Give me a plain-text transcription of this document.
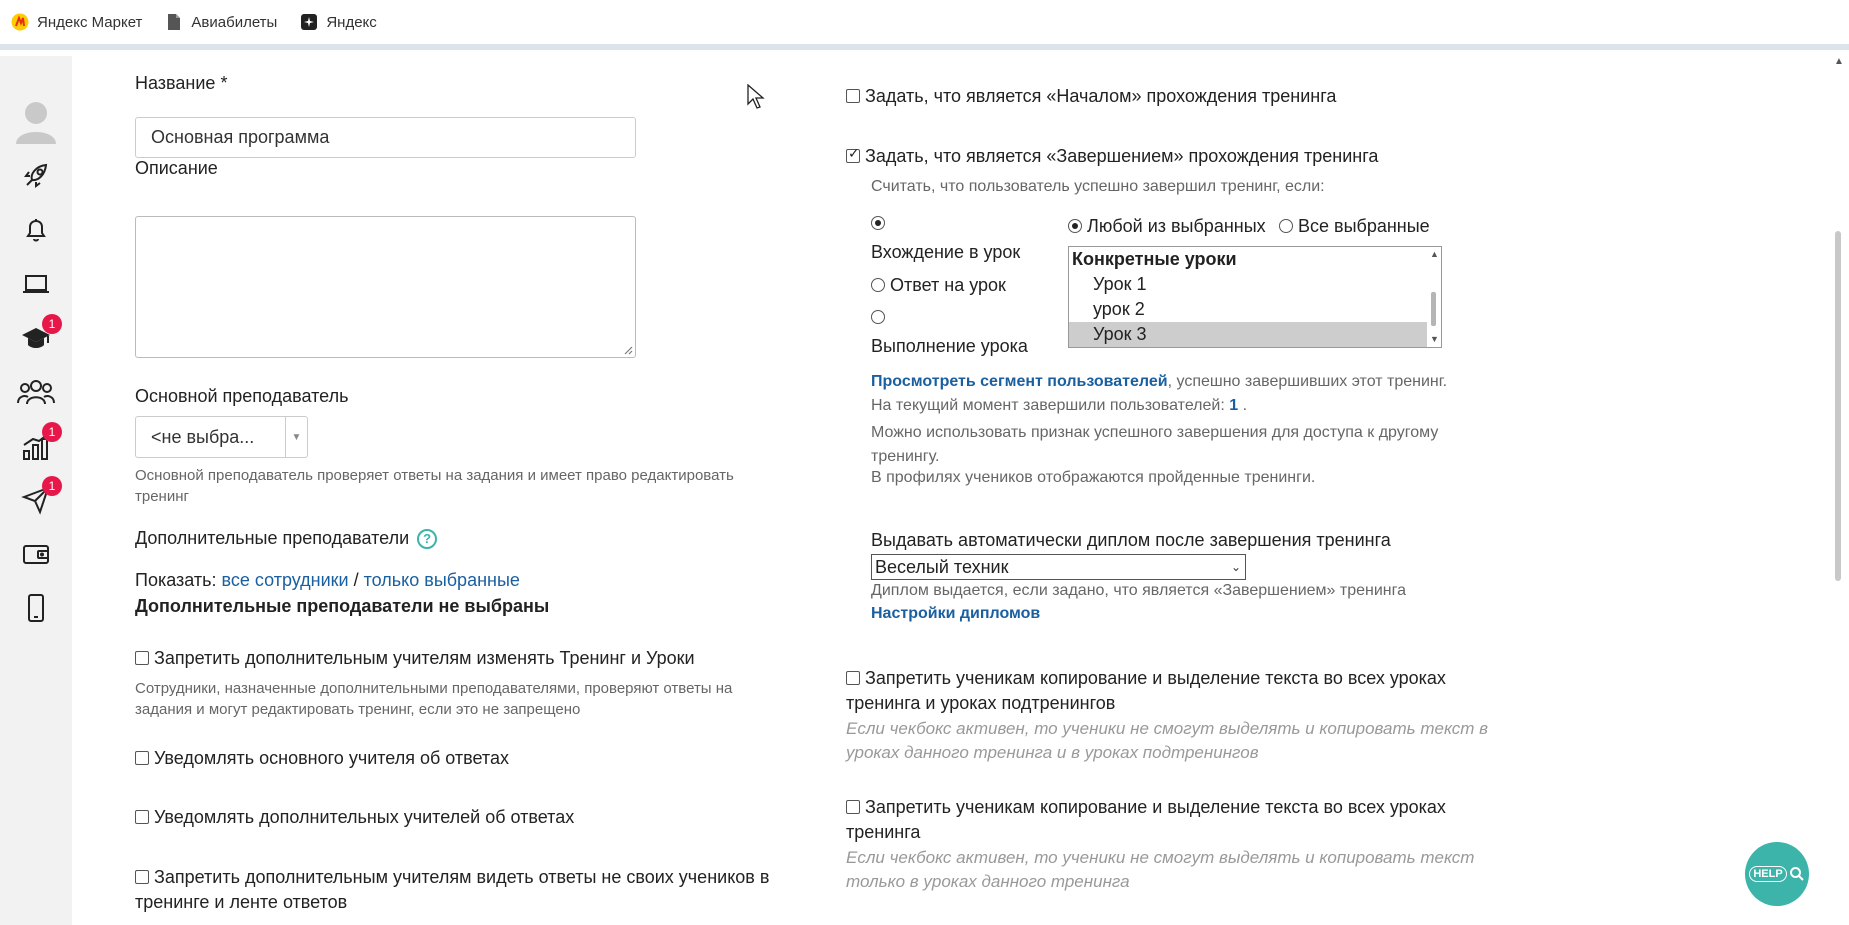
Яндекс Маркет	Авиабилеты	Яндекс
1
1
1
Название *
Основная программа
Описание
Основной преподаватель
<не выбра...	▼
Основной преподаватель проверяет ответы на задания и имеет право редактировать тренинг
Дополнительные преподаватели	?
Показать: все сотрудники / только выбранные
Дополнительные преподаватели не выбраны
Запретить дополнительным учителям изменять Тренинг и Уроки
Сотрудники, назначенные дополнительными преподавателями, проверяют ответы на задания и могут редактировать тренинг, если это не запрещено
Уведомлять основного учителя об ответах
Уведомлять дополнительных учителей об ответах
Запретить дополнительным учителям видеть ответы не своих учеников в тренинге и ленте ответов
Задать, что является «Началом» прохождения тренинга
✓Задать, что является «Завершением» прохождения тренинга
Считать, что пользователь успешно завершил тренинг, если:
Вхождение в урок
Ответ на урок
Выполнение урока
Любой из выбранных	Все выбранные
Конкретные уроки
Урок 1
урок 2
Урок 3
▲
▼
Просмотреть сегмент пользователей, успешно завершивших этот тренинг.
На текущий момент завершили пользователей: 1 .
Можно использовать признак успешного завершения для доступа к другому тренингу.
В профилях учеников отображаются пройденные тренинги.
Выдавать автоматически диплом после завершения тренинга
Веселый техник	⌄
Диплом выдается, если задано, что является «Завершением» тренинга
Настройки дипломов
Запретить ученикам копирование и выделение текста во всех уроках тренинга и уроках подтренингов
Если чекбокс активен, то ученики не смогут выделять и копировать текст в уроках данного тренинга и в уроках подтренингов
Запретить ученикам копирование и выделение текста во всех уроках тренинга
Если чекбокс активен, то ученики не смогут выделять и копировать текст только в уроках данного тренинга
▲
HELP
